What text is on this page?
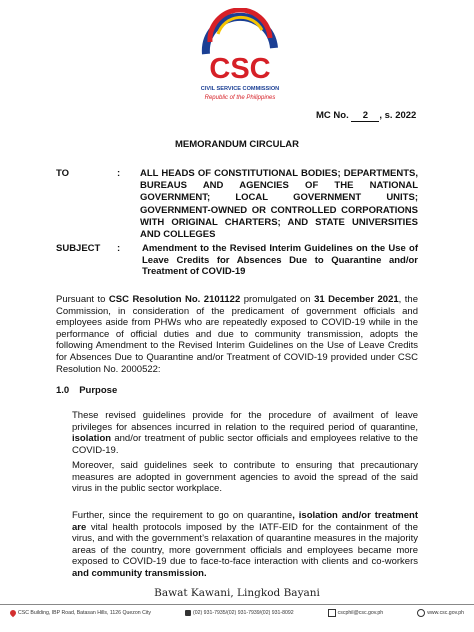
CSC
CIVIL SERVICE COMMISSION
Republic of the Philippines
MC No. 2 , s. 2022
MEMORANDUM CIRCULAR
TO	: ALL HEADS OF CONSTITUTIONAL BODIES; DEPARTMENTS, BUREAUS AND AGENCIES OF THE NATIONAL GOVERNMENT; LOCAL GOVERNMENT UNITS; GOVERNMENT-OWNED OR CONTROLLED CORPORATIONS WITH ORIGINAL CHARTERS; AND STATE UNIVERSITIES AND COLLEGES
SUBJECT : Amendment to the Revised Interim Guidelines on the Use of Leave Credits for Absences Due to Quarantine and/or Treatment of COVID-19
Pursuant to CSC Resolution No. 2101122 promulgated on 31 December 2021, the Commission, in consideration of the predicament of government officials and employees aside from PHWs who are repeatedly exposed to COVID-19 while in the performance of official duties and due to community transmission, adopts the following Amendment to the Revised Interim Guidelines on the Use of Leave Credits for Absences Due to Quarantine and/or Treatment of COVID-19 provided under CSC Resolution No. 2000522:
1.0 Purpose
These revised guidelines provide for the procedure of availment of leave privileges for absences incurred in relation to the required period of quarantine, isolation and/or treatment of public sector officials and employees relative to the COVID-19.
Moreover, said guidelines seek to contribute to ensuring that precautionary measures are adopted in government agencies to avoid the spread of the said virus in the public sector workplace.
Further, since the requirement to go on quarantine, isolation and/or treatment are vital health protocols imposed by the IATF-EID for the containment of the virus, and with the government’s relaxation of quarantine measures in the majority areas of the country, more government officials and employees became more exposed to COVID-19 due to face-to-face interaction with clients and co-workers and community transmission.
Bawat Kawani, Lingkod Bayani
CSC Building, IBP Road, Batasan Hills, 1126 Quezon City	(02) 931-7935/(02) 931-7939/(02) 931-8092	cscphil@csc.gov.ph	www.csc.gov.ph
